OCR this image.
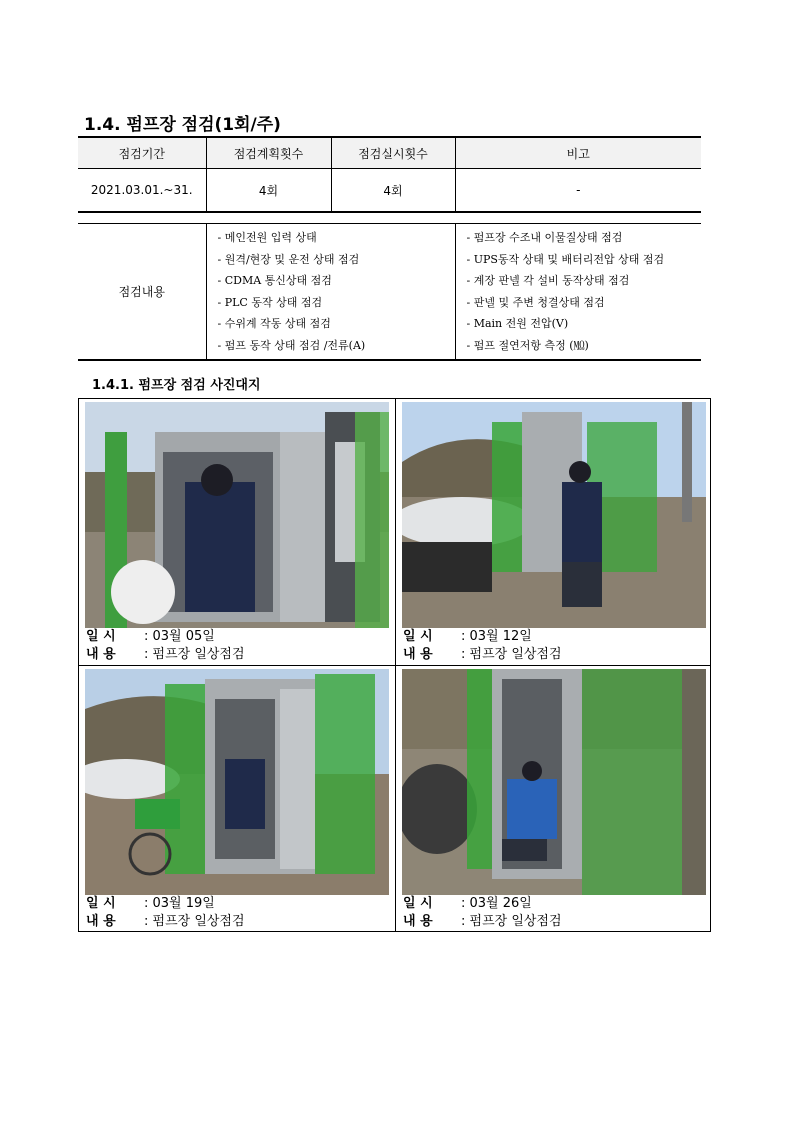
1.4. 펌프장 점검(1회/주)
점검기간	점검계획횟수	점검실시횟수	비고
2021.03.01.~31.	4회	4회	-
점검내용	
- 메인전원 입력 상태
- 원격/현장 및 운전 상태 점검
- CDMA 통신상태 점검
- PLC 동작 상태 점검
- 수위계 작동 상태 점검
- 펌프 동작 상태 점검 /전류(A)

- 펌프장 수조내 이물질상태 점검
- UPS동작 상태 및 배터리전압 상태 점검
- 계장 판넬 각 설비 동작상태 점검
- 판넬 및 주변 청결상태 점검
- Main 전원 전압(V)
- 펌프 절연저항 측정 (㏁)
1.4.1. 펌프장 점검 사진대지
일 시 : 03월 05일
내 용 : 펌프장 일상점검
일 시 : 03월 12일
내 용 : 펌프장 일상점검
일 시 : 03월 19일
내 용 : 펌프장 일상점검
일 시 : 03월 26일
내 용 : 펌프장 일상점검
